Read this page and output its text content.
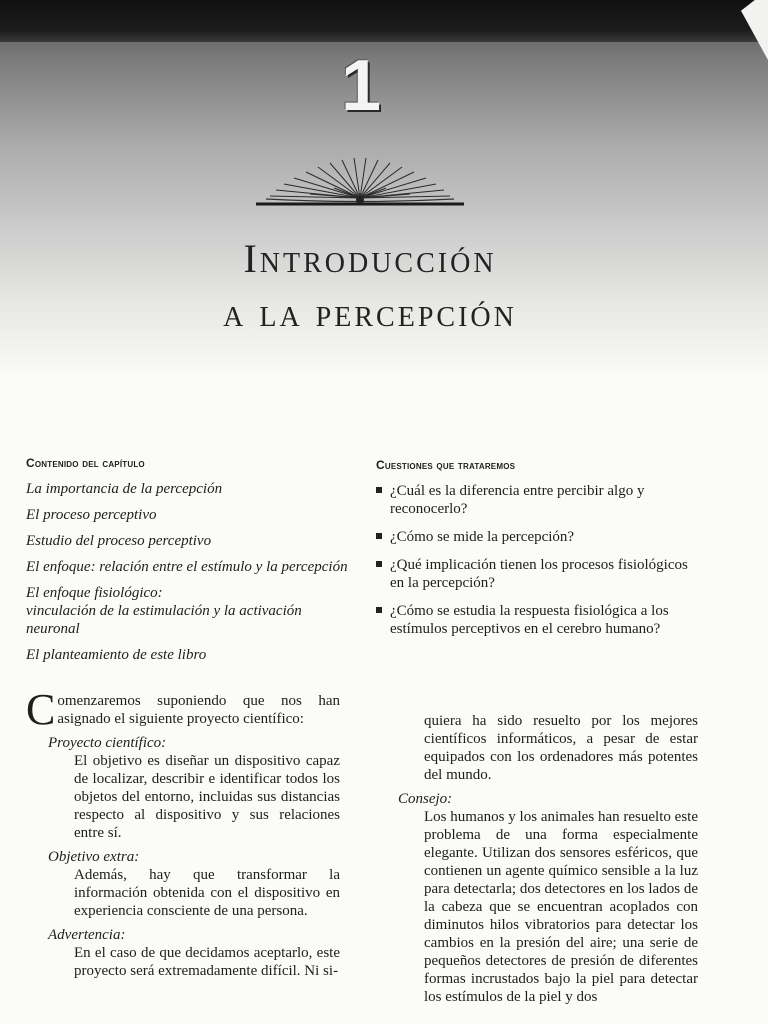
1
Introducción
a la percepción
Contenido del capítulo
La importancia de la percepción
El proceso perceptivo
Estudio del proceso perceptivo
El enfoque: relación entre el estímulo y la percepción
El enfoque fisiológico:
vinculación de la estimulación y la activación neuronal
El planteamiento de este libro
Cuestiones que trataremos
¿Cuál es la diferencia entre percibir algo y reconocerlo?
¿Cómo se mide la percepción?
¿Qué implicación tienen los procesos fisiológicos en la percepción?
¿Cómo se estudia la respuesta fisiológica a los estímulos perceptivos en el cerebro humano?
Comenzaremos suponiendo que nos han asignado el siguiente proyecto científico:
Proyecto científico:
El objetivo es diseñar un dispositivo capaz de localizar, describir e identificar todos los objetos del entorno, incluidas sus distancias respecto al dispositivo y sus relaciones entre sí.
Objetivo extra:
Además, hay que transformar la información obtenida con el dispositivo en experiencia consciente de una persona.
Advertencia:
En el caso de que decidamos aceptarlo, este proyecto será extremadamente difícil. Ni si-
quiera ha sido resuelto por los mejores científicos informáticos, a pesar de estar equipados con los ordenadores más potentes del mundo.
Consejo:
Los humanos y los animales han resuelto este problema de una forma especialmente elegante. Utilizan dos sensores esféricos, que contienen un agente químico sensible a la luz para detectarla; dos detectores en los lados de la cabeza que se encuentran acoplados con diminutos hilos vibratorios para detectar los cambios en la presión del aire; una serie de pequeños detectores de presión de diferentes formas incrustados bajo la piel para detectar los estímulos de la piel y dos
